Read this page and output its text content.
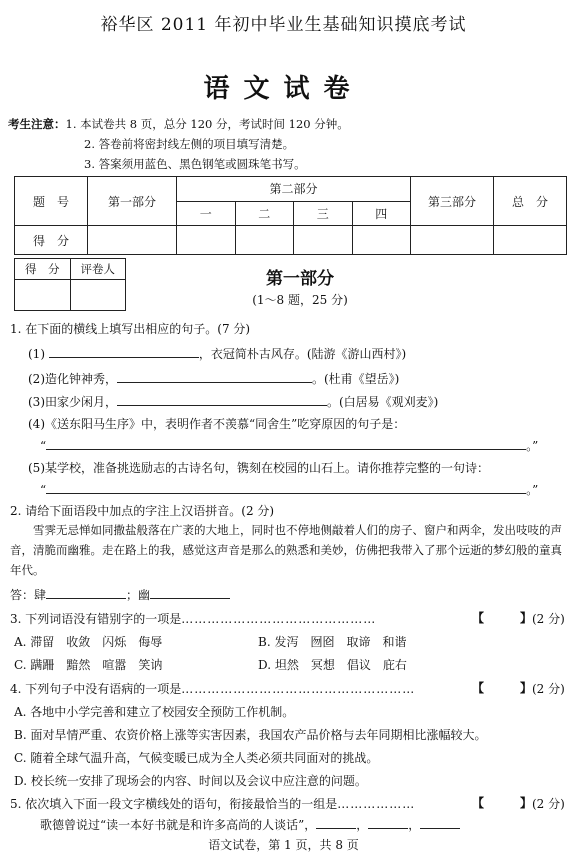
裕华区 2011 年初中毕业生基础知识摸底考试
语文试卷
考生注意：1. 本试卷共 8 页，总分 120 分，考试时间 120 分钟。
2. 答卷前将密封线左侧的项目填写清楚。
3. 答案须用蓝色、黑色钢笔或圆珠笔书写。
题　号	第一部分	第二部分				第三部分	总　分
		一	二	三	四		
得　分							
得　分	评卷人
		第一部分
(1～8 题，25 分)
1. 在下面的横线上填写出相应的句子。(7 分)
(1)	，衣冠简朴古风存。(陆游《游山西村》)
(2)造化钟神秀，	。(杜甫《望岳》)
(3)田家少闲月，	。(白居易《观刈麦》)
(4)《送东阳马生序》中，表明作者不羡慕“同舍生”吃穿原因的句子是：
“	。”
(5)某学校，准备挑选励志的古诗名句，镌刻在校园的山石上。请你推荐完整的一句诗：
“	。”
2. 请给下面语段中加点的字注上汉语拼音。(2 分)
雪霁无忌惮如同撒盐般落在广袤的大地上，同时也不停地侧敲着人们的房子、窗户和两伞，发出吱吱的声音，清脆而幽雅。走在路上的我，感觉这声音是那么的熟悉和美妙，仿佛把我带入了那个远逝的梦幻般的童真年代。
答：肆	；幽
3. 下列词语没有错别字的一项是………………………………………	【	】 (2 分)
A. 滞留　收敛　闪烁　侮辱	B. 发泻　囫囵　取谛　和谐
C. 蹒跚　黯然　喧嚣　笑讷	D. 坦然　冥想　倡议　庇右
4. 下列句子中没有语病的一项是………………………………………………	【	】 (2 分)
A. 各地中小学完善和建立了校园安全预防工作机制。
B. 面对旱情严重、农资价格上涨等实害因素，我国农产品价格与去年同期相比涨幅较大。
C. 随着全球气温升高，气候变暖已成为全人类必须共同面对的挑战。
D. 校长统一安排了现场会的内容、时间以及会议中应注意的问题。
5. 依次填入下面一段文字横线处的语句，衔接最恰当的一组是………………	【	】 (2 分)
歌德曾说过“读一本好书就是和许多高尚的人谈话”，	，	，
语文试卷，第 1 页，共 8 页
